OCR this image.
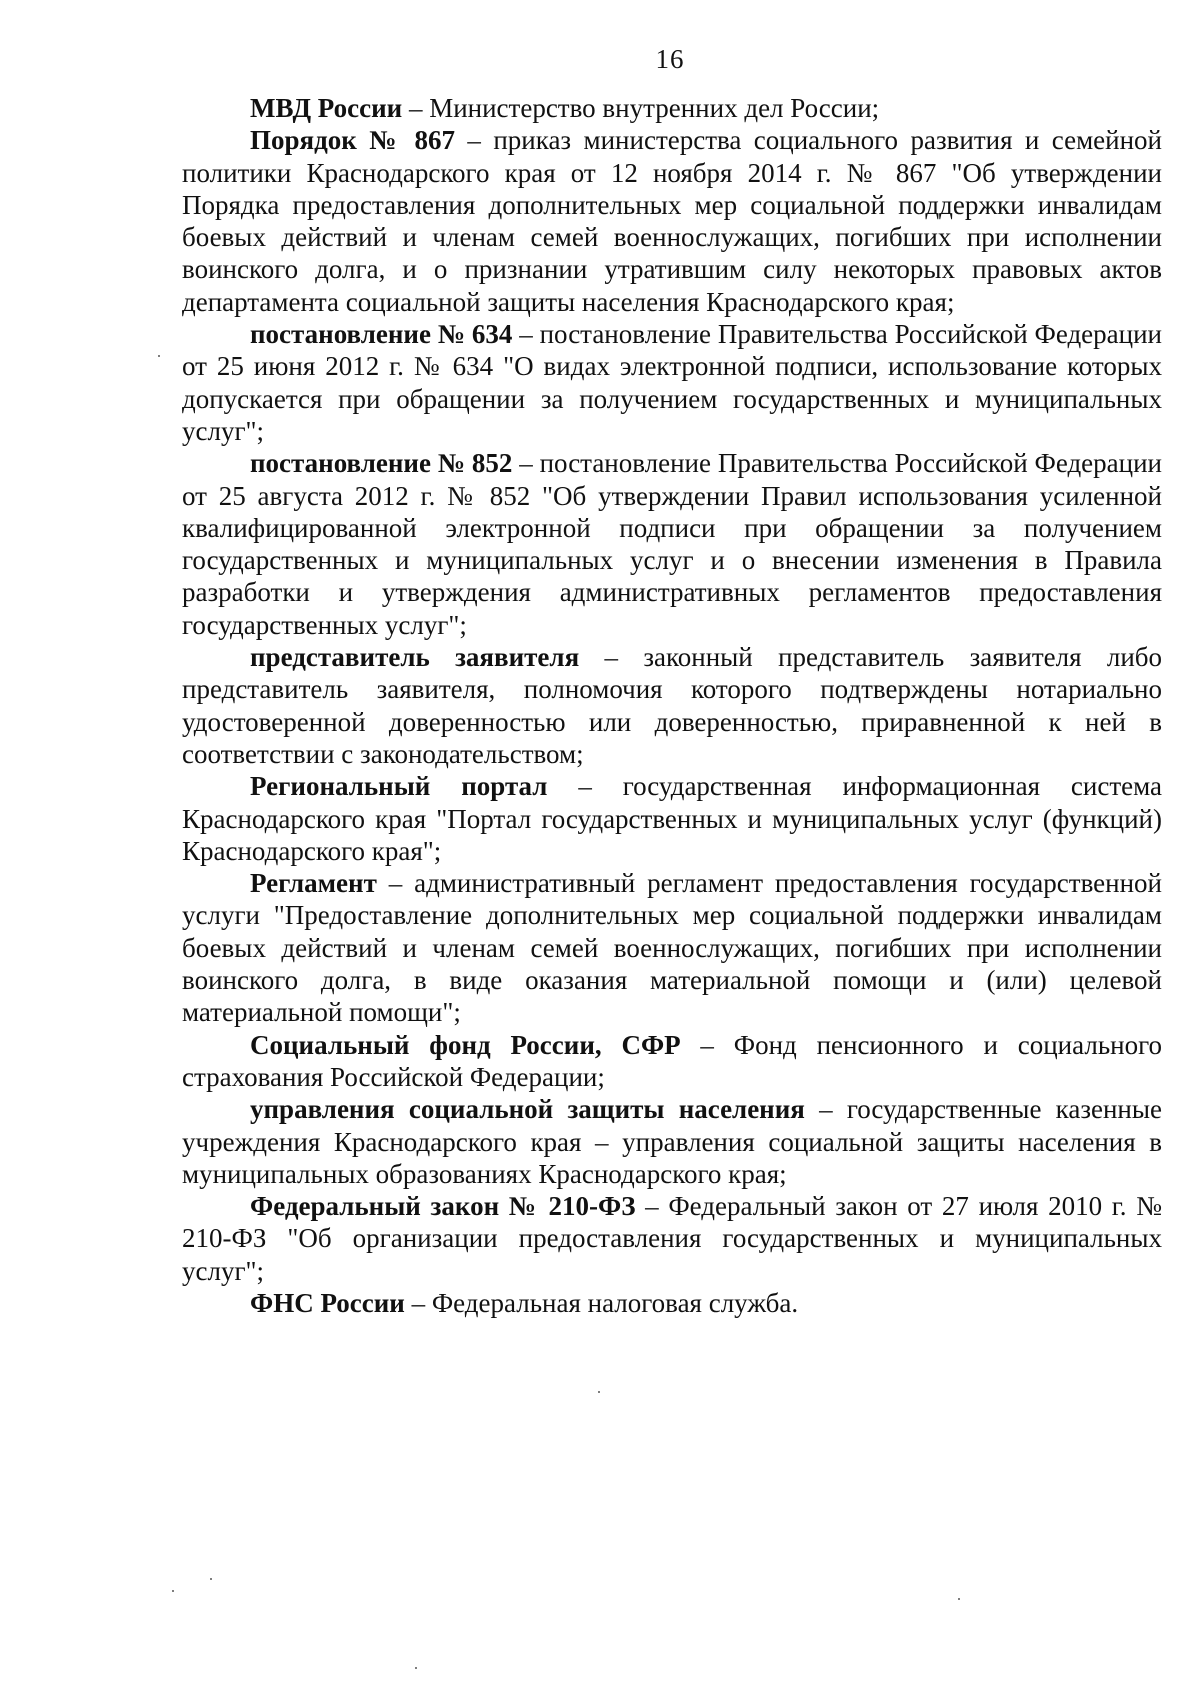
16

МВД России – Министерство внутренних дел России;

Порядок № 867 – приказ министерства социального развития и семейной политики Краснодарского края от 12 ноября 2014 г. № 867 "Об утверждении Порядка предоставления дополнительных мер социальной поддержки инвалидам боевых действий и членам семей военнослужащих, погибших при исполнении воинского долга, и о признании утратившим силу некоторых правовых актов департамента социальной защиты населения Краснодарского края;

постановление № 634 – постановление Правительства Российской Федерации от 25 июня 2012 г. № 634 "О видах электронной подписи, использование которых допускается при обращении за получением государственных и муниципальных услуг";

постановление № 852 – постановление Правительства Российской Федерации от 25 августа 2012 г. № 852 "Об утверждении Правил использования усиленной квалифицированной электронной подписи при обращении за получением государственных и муниципальных услуг и о внесении изменения в Правила разработки и утверждения административных регламентов предоставления государственных услуг";

представитель заявителя – законный представитель заявителя либо представитель заявителя, полномочия которого подтверждены нотариально удостоверенной доверенностью или доверенностью, приравненной к ней в соответствии с законодательством;

Региональный портал – государственная информационная система Краснодарского края "Портал государственных и муниципальных услуг (функций) Краснодарского края";

Регламент – административный регламент предоставления государственной услуги "Предоставление дополнительных мер социальной поддержки инвалидам боевых действий и членам семей военнослужащих, погибших при исполнении воинского долга, в виде оказания материальной помощи и (или) целевой материальной помощи";

Социальный фонд России, СФР – Фонд пенсионного и социального страхования Российской Федерации;

управления социальной защиты населения – государственные казенные учреждения Краснодарского края – управления социальной защиты населения в муниципальных образованиях Краснодарского края;

Федеральный закон № 210-ФЗ – Федеральный закон от 27 июля 2010 г. № 210-ФЗ "Об организации предоставления государственных и муниципальных услуг";

ФНС России – Федеральная налоговая служба.
